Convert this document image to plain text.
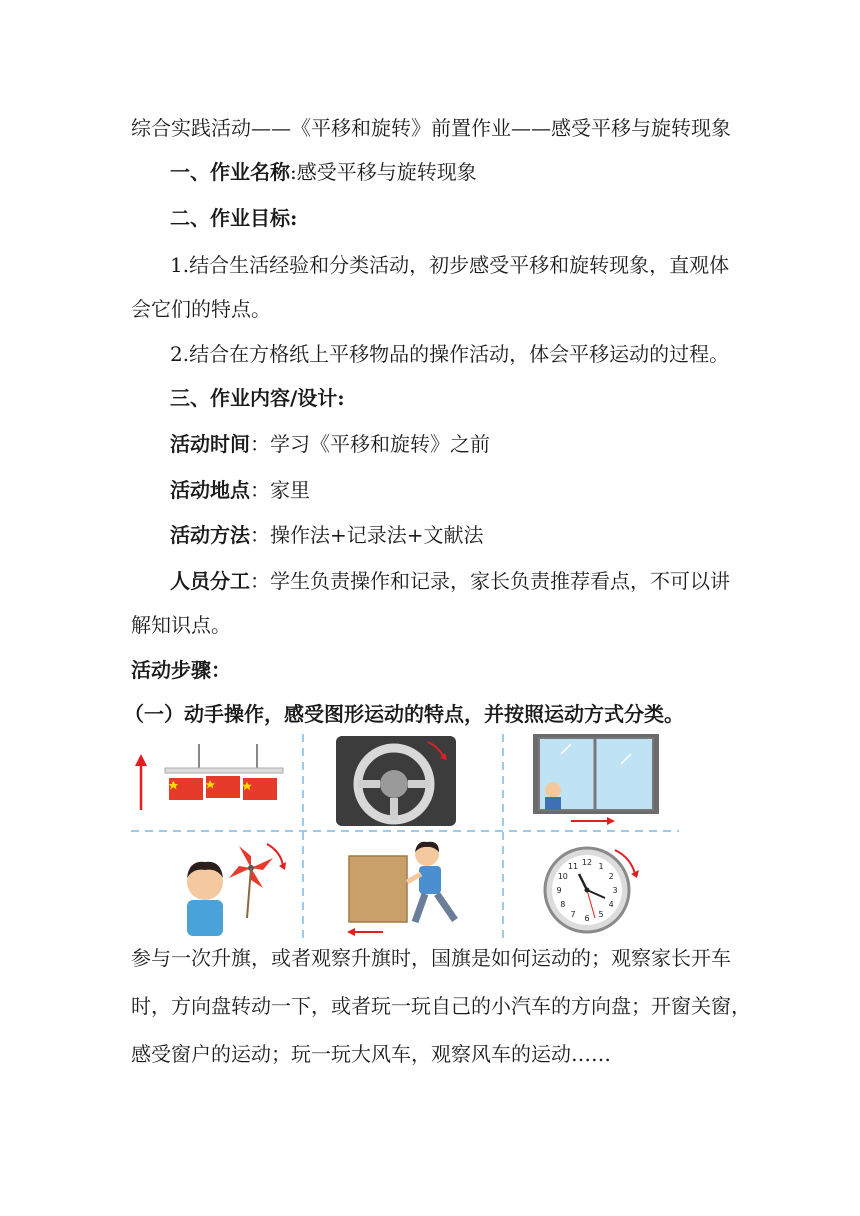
综合实践活动——《平移和旋转》前置作业——感受平移与旋转现象
一、作业名称:感受平移与旋转现象
二、作业目标:
1.结合生活经验和分类活动，初步感受平移和旋转现象，直观体
会它们的特点。
2.结合在方格纸上平移物品的操作活动，体会平移运动的过程。
三、作业内容/设计:
活动时间：学习《平移和旋转》之前
活动地点：家里
活动方法：操作法+记录法+文献法
人员分工：学生负责操作和记录，家长负责推荐看点，不可以讲
解知识点。
活动步骤：
（一）动手操作，感受图形运动的特点，并按照运动方式分类。
12 1
2
3
4
5
6
7
8
9
10
11
参与一次升旗，或者观察升旗时，国旗是如何运动的；观察家长开车
时，方向盘转动一下，或者玩一玩自己的小汽车的方向盘；开窗关窗，
感受窗户的运动；玩一玩大风车，观察风车的运动……
